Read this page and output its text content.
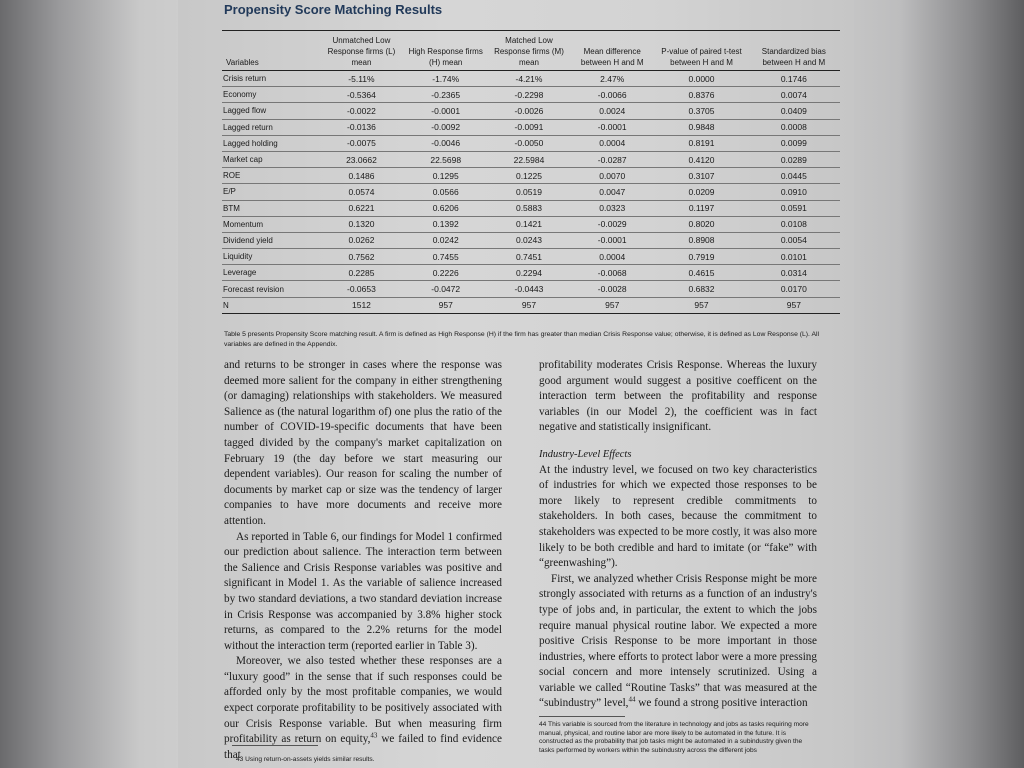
Propensity Score Matching Results
Variables	Unmatched Low Response firms (L) mean	High Response firms (H) mean	Matched Low Response firms (M) mean	Mean difference between H and M	P-value of paired t-test between H and M	Standardized bias between H and M
Crisis return	-5.11%	-1.74%	-4.21%	2.47%	0.0000	0.1746
Economy	-0.5364	-0.2365	-0.2298	-0.0066	0.8376	0.0074
Lagged flow	-0.0022	-0.0001	-0.0026	0.0024	0.3705	0.0409
Lagged return	-0.0136	-0.0092	-0.0091	-0.0001	0.9848	0.0008
Lagged holding	-0.0075	-0.0046	-0.0050	0.0004	0.8191	0.0099
Market cap	23.0662	22.5698	22.5984	-0.0287	0.4120	0.0289
ROE	0.1486	0.1295	0.1225	0.0070	0.3107	0.0445
E/P	0.0574	0.0566	0.0519	0.0047	0.0209	0.0910
BTM	0.6221	0.6206	0.5883	0.0323	0.1197	0.0591
Momentum	0.1320	0.1392	0.1421	-0.0029	0.8020	0.0108
Dividend yield	0.0262	0.0242	0.0243	-0.0001	0.8908	0.0054
Liquidity	0.7562	0.7455	0.7451	0.0004	0.7919	0.0101
Leverage	0.2285	0.2226	0.2294	-0.0068	0.4615	0.0314
Forecast revision	-0.0653	-0.0472	-0.0443	-0.0028	0.6832	0.0170
N	1512	957	957	957	957	957
Table 5 presents Propensity Score matching result. A firm is defined as High Response (H) if the firm has greater than median Crisis Response value; otherwise, it is defined as Low Response (L). All variables are defined in the Appendix.

and returns to be stronger in cases where the response was deemed more salient for the company in either strengthening (or damaging) relationships with stakeholders. We measured Salience as (the natural logarithm of) one plus the ratio of the number of COVID-19-specific documents that have been tagged divided by the company's market capitalization on February 19 (the day before we start measuring our dependent variables). Our reason for scaling the number of documents by market cap or size was the tendency of larger companies to have more documents and receive more attention.

As reported in Table 6, our findings for Model 1 confirmed our prediction about salience. The interaction term between the Salience and Crisis Response variables was positive and significant in Model 1. As the variable of salience increased by two standard deviations, a two standard deviation increase in Crisis Response was accompanied by 3.8% higher stock returns, as compared to the 2.2% returns for the model without the interaction term (reported earlier in Table 3).

Moreover, we also tested whether these responses are a “luxury good” in the sense that if such responses could be afforded only by the most profitable companies, we would expect corporate profitability to be positively associated with our Crisis Response variable. But when measuring firm profitability as return on equity,$^{43}$ we failed to find evidence that

profitability moderates Crisis Response. Whereas the luxury good argument would suggest a positive coefficent on the interaction term between the profitability and response variables (in our Model 2), the coefficient was in fact negative and statistically insignificant.

Industry-Level Effects

At the industry level, we focused on two key characteristics of industries for which we expected those responses to be more likely to represent credible commitments to stakeholders. In both cases, because the commitment to stakeholders was expected to be more costly, it was also more likely to be both credible and hard to imitate (or “fake” with “greenwashing”).

First, we analyzed whether Crisis Response might be more strongly associated with returns as a function of an industry's type of jobs and, in particular, the extent to which the jobs require manual physical routine labor. We expected a more positive Crisis Response to be more important in those industries, where efforts to protect labor were a more pressing social concern and more intensely scrutinized. Using a variable we called “Routine Tasks” that was measured at the “subindustry” level,$^{44}$ we found a strong positive interaction

43 Using return-on-assets yields similar results.
44 This variable is sourced from the literature in technology and jobs as tasks requiring more manual, physical, and routine labor are more likely to be automated in the future. It is constructed as the probability that job tasks might be automated in a subindustry given the tasks performed by workers within the subindustry across the different jobs
